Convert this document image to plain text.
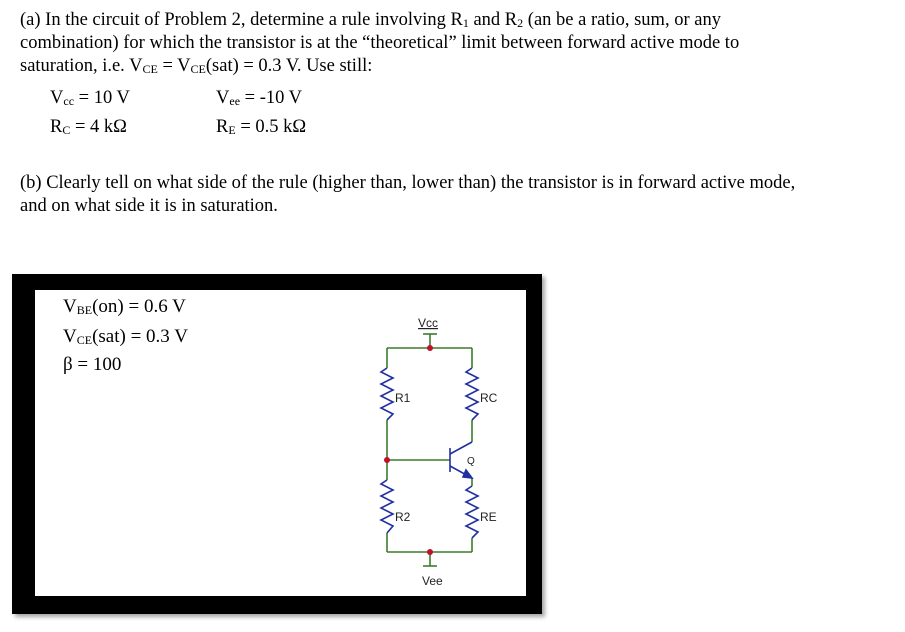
(a) In the circuit of Problem 2, determine a rule involving $R_1$ and $R_2$ (an be a ratio, sum, or any
combination) for which the transistor is at the “theoretical” limit between forward active mode to
saturation, i.e. $V_{CE} = V_{CE}(sat) = 0.3$ V. Use still:
$V_{cc} = 10$ V	$V_{ee} = -10$ V
$R_C = 4$ kΩ	$R_E = 0.5$ kΩ
(b) Clearly tell on what side of the rule (higher than, lower than) the transistor is in forward active mode,
and on what side it is in saturation.
$V_{BE}(on) = 0.6$ V
$V_{CE}(sat) = 0.3$ V
β = 100
Vcc
R1	RC
Q
R2	RE
Vee
